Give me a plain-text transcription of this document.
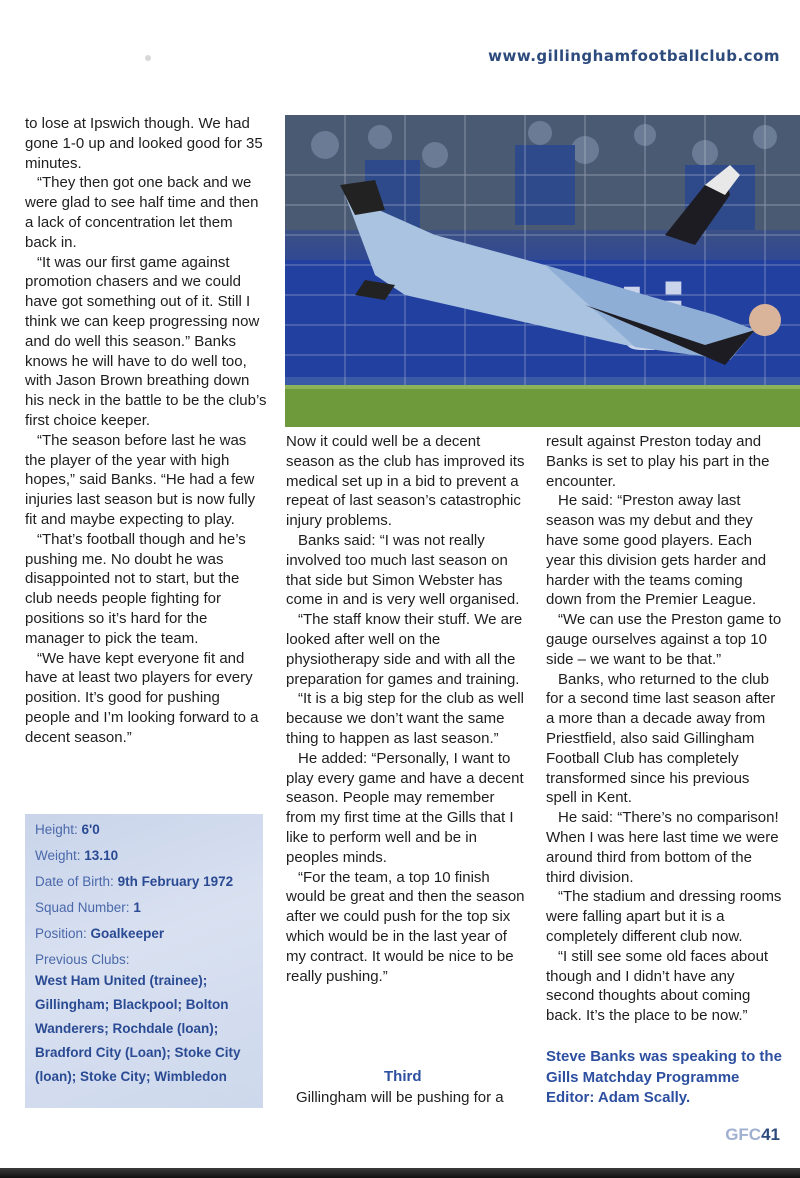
www.gillinghamfootballclub.com

to lose at Ipswich though. We had gone 1-0 up and looked good for 35 minutes.

“They then got one back and we were glad to see half time and then a lack of concentration let them back in.

“It was our first game against promotion chasers and we could have got something out of it. Still I think we can keep progressing now and do well this season.” Banks knows he will have to do well too, with Jason Brown breathing down his neck in the battle to be the club’s first choice keeper.

“The season before last he was the player of the year with high hopes,” said Banks. “He had a few injuries last season but is now fully fit and maybe expecting to play.

“That’s football though and he’s pushing me. No doubt he was disappointed not to start, but the club needs people fighting for positions so it’s hard for the manager to pick the team.

“We have kept everyone fit and have at least two players for every position. It’s good for pushing people and I’m looking forward to a decent season.”

Height: 6'0
Weight: 13.10
Date of Birth: 9th February 1972
Squad Number: 1
Position: Goalkeeper
Previous Clubs:
West Ham United (trainee); Gillingham; Blackpool; Bolton Wanderers; Rochdale (loan); Bradford City (Loan); Stoke City (loan); Stoke City; Wimbledon

Now it could well be a decent season as the club has improved its medical set up in a bid to prevent a repeat of last season’s catastrophic injury problems.

Banks said: “I was not really involved too much last season on that side but Simon Webster has come in and is very well organised.

“The staff know their stuff. We are looked after well on the physiotherapy side and with all the preparation for games and training.

“It is a big step for the club as well because we don’t want the same thing to happen as last season.”

He added: “Personally, I want to play every game and have a decent season. People may remember from my first time at the Gills that I like to perform well and be in peoples minds.

“For the team, a top 10 finish would be great and then the season after we could push for the top six which would be in the last year of my contract. It would be nice to be really pushing.”

Third
Gillingham will be pushing for a

result against Preston today and Banks is set to play his part in the encounter.

He said: “Preston away last season was my debut and they have some good players. Each year this division gets harder and harder with the teams coming down from the Premier League.

“We can use the Preston game to gauge ourselves against a top 10 side – we want to be that.”

Banks, who returned to the club for a second time last season after a more than a decade away from Priestfield, also said Gillingham Football Club has completely transformed since his previous spell in Kent.

He said: “There’s no comparison! When I was here last time we were around third from bottom of the third division.

“The stadium and dressing rooms were falling apart but it is a completely different club now.

“I still see some old faces about though and I didn’t have any second thoughts about coming back. It’s the place to be now.”

Steve Banks was speaking to the Gills Matchday Programme Editor: Adam Scally.
GFC41
